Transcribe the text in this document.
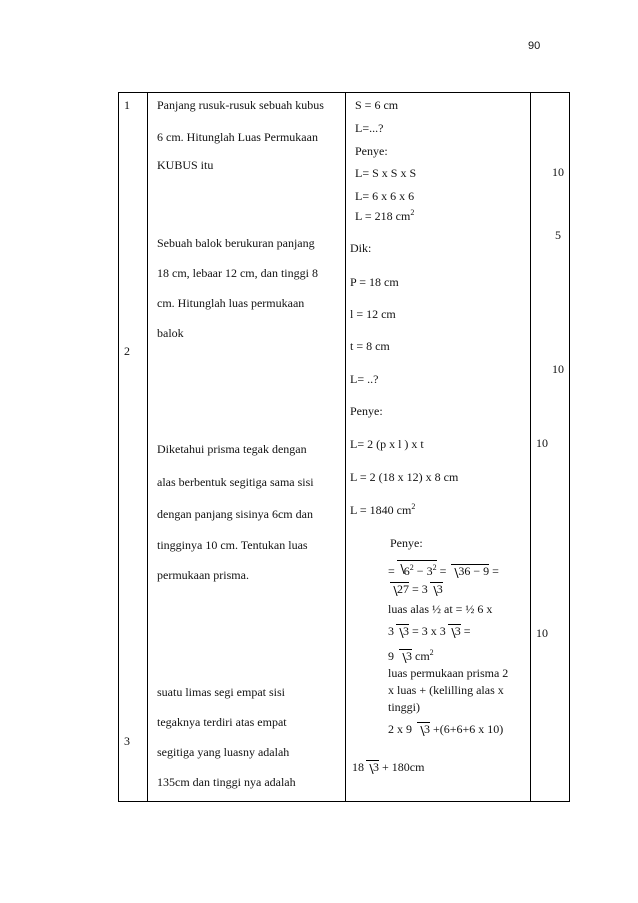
90
1
2
3
Panjang rusuk-rusuk sebuah kubus
6 cm. Hitunglah Luas Permukaan
KUBUS itu
Sebuah balok berukuran panjang
18 cm, lebaar 12 cm, dan tinggi 8
cm. Hitunglah luas permukaan
balok
Diketahui prisma tegak dengan
alas berbentuk segitiga sama sisi
dengan panjang sisinya 6cm dan
tingginya 10 cm. Tentukan luas
permukaan prisma.
suatu limas segi empat sisi
tegaknya terdiri atas empat
segitiga yang luasny adalah
135cm dan tinggi nya adalah
S = 6 cm
L=...?
Penye:
L= S x S x S
L= 6 x 6 x 6
L = 218 $cm^2$
Dik:
P = 18 cm
l = 12 cm
t = 8 cm
L= ..?
Penye:
L= 2 (p x l ) x t
L = 2 (18 x 12) x 8 cm
L = 1840 $cm^2$
Penye:
= $6^2 - 3^2 = 36 - 9$ =
27 = 3 3
luas alas ½ at = ½ 6 x
3 3 = 3 x 3 3 =
9 3 $cm^2$
luas permukaan prisma 2
x luas + (kelilling alas x
tinggi)
2 x 9 3 +(6+6+6 x 10)
18 3 + 180cm
10
5
10
10
10
